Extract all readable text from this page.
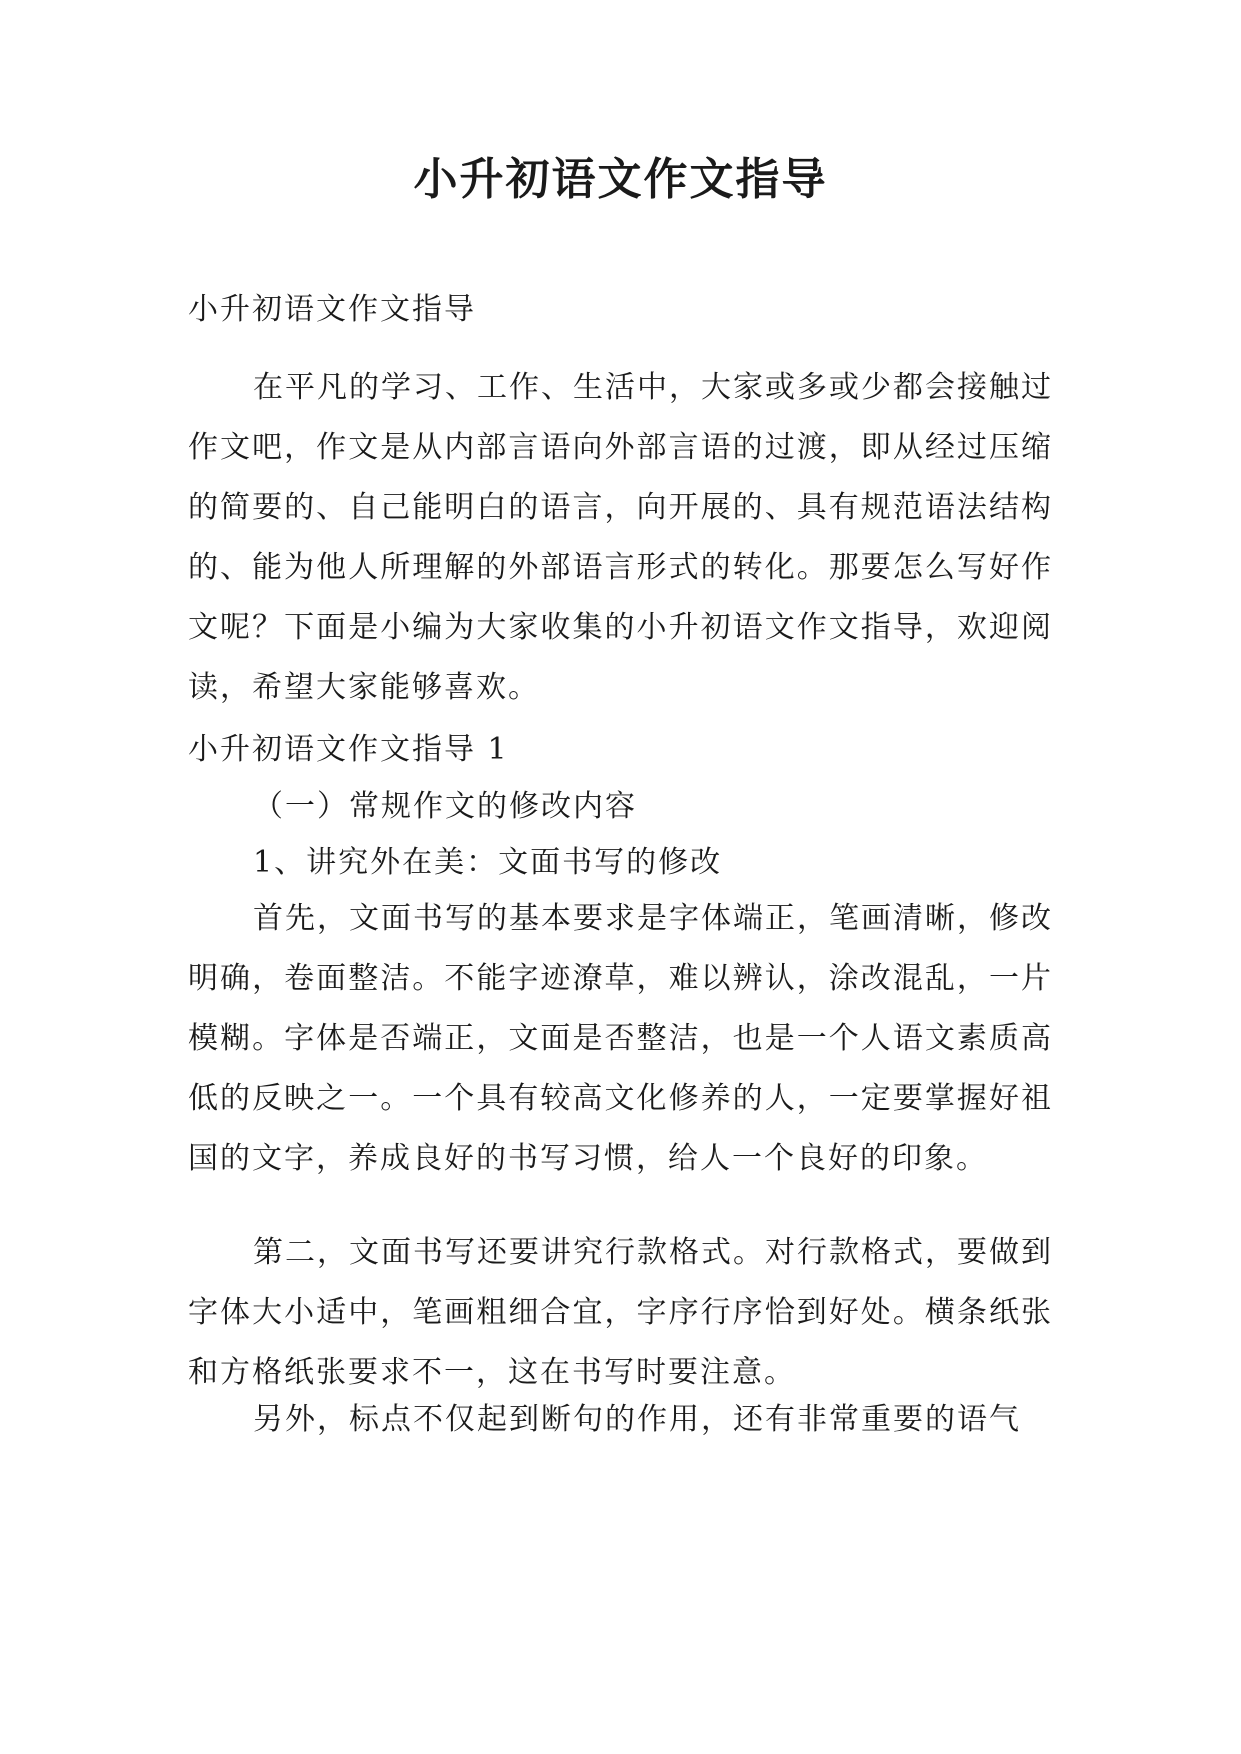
小升初语文作文指导

小升初语文作文指导

在平凡的学习、工作、生活中，大家或多或少都会接触过作文吧，作文是从内部言语向外部言语的过渡，即从经过压缩的简要的、自己能明白的语言，向开展的、具有规范语法结构的、能为他人所理解的外部语言形式的转化。那要怎么写好作文呢？下面是小编为大家收集的小升初语文作文指导，欢迎阅读，希望大家能够喜欢。

小升初语文作文指导 1

（一）常规作文的修改内容

1、讲究外在美：文面书写的修改

首先，文面书写的基本要求是字体端正，笔画清晰，修改明确，卷面整洁。不能字迹潦草，难以辨认，涂改混乱，一片模糊。字体是否端正，文面是否整洁，也是一个人语文素质高低的反映之一。一个具有较高文化修养的人，一定要掌握好祖国的文字，养成良好的书写习惯，给人一个良好的印象。

第二，文面书写还要讲究行款格式。对行款格式，要做到字体大小适中，笔画粗细合宜，字序行序恰到好处。横条纸张和方格纸张要求不一，这在书写时要注意。

另外，标点不仅起到断句的作用，还有非常重要的语气
